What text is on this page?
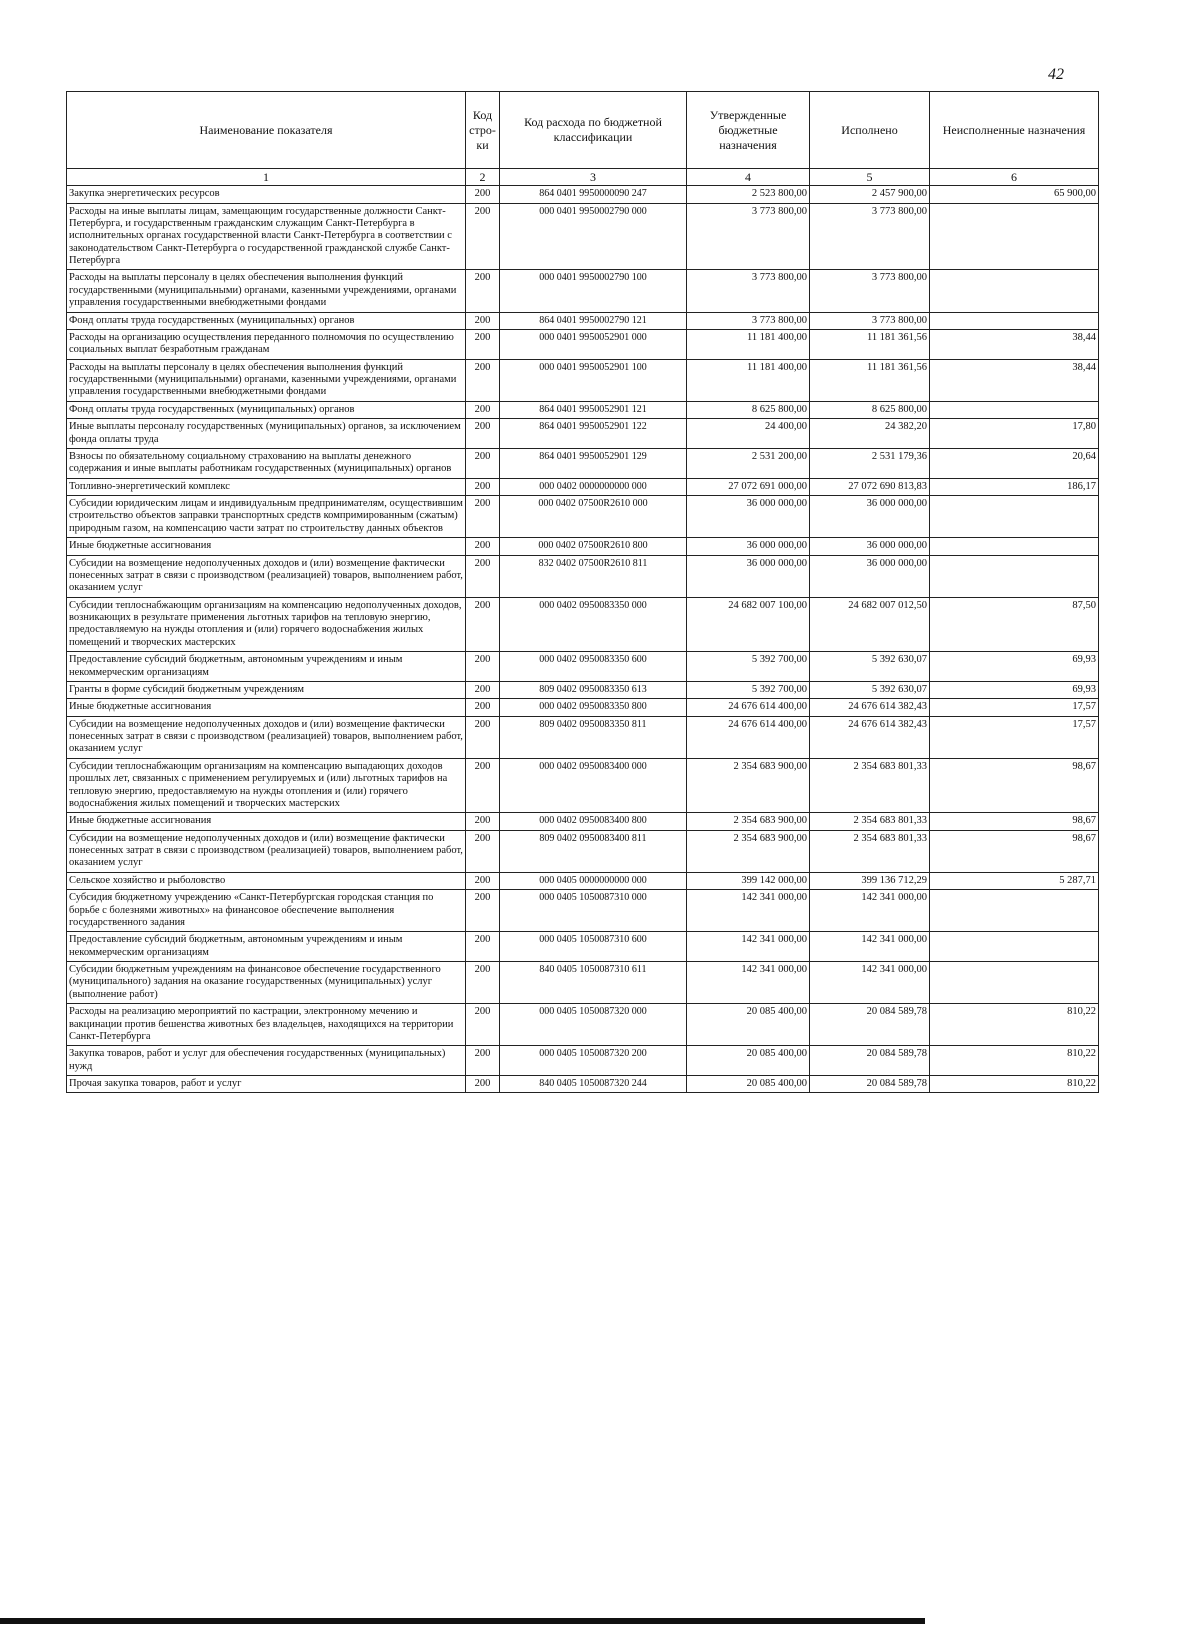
42
Наименование показателя	Код стро- ки	Код расхода по бюджетной классификации	Утвержденные бюджетные назначения	Исполнено	Неисполненные назначения
1	2	3	4	5	6
Закупка энергетических ресурсов	200	864 0401 9950000090 247	2 523 800,00	2 457 900,00	65 900,00
Расходы на иные выплаты лицам, замещающим государственные должности Санкт-Петербурга, и государственным гражданским служащим Санкт-Петербурга в исполнительных органах государственной власти Санкт-Петербурга в соответствии с законодательством Санкт-Петербурга о государственной гражданской службе Санкт-Петербурга	200	000 0401 9950002790 000	3 773 800,00	3 773 800,00	
Расходы на выплаты персоналу в целях обеспечения выполнения функций государственными (муниципальными) органами, казенными учреждениями, органами управления государственными внебюджетными фондами	200	000 0401 9950002790 100	3 773 800,00	3 773 800,00	
Фонд оплаты труда государственных (муниципальных) органов	200	864 0401 9950002790 121	3 773 800,00	3 773 800,00	
Расходы на организацию осуществления переданного полномочия по осуществлению социальных выплат безработным гражданам	200	000 0401 9950052901 000	11 181 400,00	11 181 361,56	38,44
Расходы на выплаты персоналу в целях обеспечения выполнения функций государственными (муниципальными) органами, казенными учреждениями, органами управления государственными внебюджетными фондами	200	000 0401 9950052901 100	11 181 400,00	11 181 361,56	38,44
Фонд оплаты труда государственных (муниципальных) органов	200	864 0401 9950052901 121	8 625 800,00	8 625 800,00	
Иные выплаты персоналу государственных (муниципальных) органов, за исключением фонда оплаты труда	200	864 0401 9950052901 122	24 400,00	24 382,20	17,80
Взносы по обязательному социальному страхованию на выплаты денежного содержания и иные выплаты работникам государственных (муниципальных) органов	200	864 0401 9950052901 129	2 531 200,00	2 531 179,36	20,64
Топливно-энергетический комплекс	200	000 0402 0000000000 000	27 072 691 000,00	27 072 690 813,83	186,17
Субсидии юридическим лицам и индивидуальным предпринимателям, осуществившим строительство объектов заправки транспортных средств компримированным (сжатым) природным газом, на компенсацию части затрат по строительству данных объектов	200	000 0402 07500R2610 000	36 000 000,00	36 000 000,00	
Иные бюджетные ассигнования	200	000 0402 07500R2610 800	36 000 000,00	36 000 000,00	
Субсидии на возмещение недополученных доходов и (или) возмещение фактически понесенных затрат в связи с производством (реализацией) товаров, выполнением работ, оказанием услуг	200	832 0402 07500R2610 811	36 000 000,00	36 000 000,00	
Субсидии теплоснабжающим организациям на компенсацию недополученных доходов, возникающих в результате применения льготных тарифов на тепловую энергию, предоставляемую на нужды отопления и (или) горячего водоснабжения жилых помещений и творческих мастерских	200	000 0402 0950083350 000	24 682 007 100,00	24 682 007 012,50	87,50
Предоставление субсидий бюджетным, автономным учреждениям и иным некоммерческим организациям	200	000 0402 0950083350 600	5 392 700,00	5 392 630,07	69,93
Гранты в форме субсидий бюджетным учреждениям	200	809 0402 0950083350 613	5 392 700,00	5 392 630,07	69,93
Иные бюджетные ассигнования	200	000 0402 0950083350 800	24 676 614 400,00	24 676 614 382,43	17,57
Субсидии на возмещение недополученных доходов и (или) возмещение фактически понесенных затрат в связи с производством (реализацией) товаров, выполнением работ, оказанием услуг	200	809 0402 0950083350 811	24 676 614 400,00	24 676 614 382,43	17,57
Субсидии теплоснабжающим организациям на компенсацию выпадающих доходов прошлых лет, связанных с применением регулируемых и (или) льготных тарифов на тепловую энергию, предоставляемую на нужды отопления и (или) горячего водоснабжения жилых помещений и творческих мастерских	200	000 0402 0950083400 000	2 354 683 900,00	2 354 683 801,33	98,67
Иные бюджетные ассигнования	200	000 0402 0950083400 800	2 354 683 900,00	2 354 683 801,33	98,67
Субсидии на возмещение недополученных доходов и (или) возмещение фактически понесенных затрат в связи с производством (реализацией) товаров, выполнением работ, оказанием услуг	200	809 0402 0950083400 811	2 354 683 900,00	2 354 683 801,33	98,67
Сельское хозяйство и рыболовство	200	000 0405 0000000000 000	399 142 000,00	399 136 712,29	5 287,71
Субсидия бюджетному учреждению «Санкт-Петербургская городская станция по борьбе с болезнями животных» на финансовое обеспечение выполнения государственного задания	200	000 0405 1050087310 000	142 341 000,00	142 341 000,00	
Предоставление субсидий бюджетным, автономным учреждениям и иным некоммерческим организациям	200	000 0405 1050087310 600	142 341 000,00	142 341 000,00	
Субсидии бюджетным учреждениям на финансовое обеспечение государственного (муниципального) задания на оказание государственных (муниципальных) услуг (выполнение работ)	200	840 0405 1050087310 611	142 341 000,00	142 341 000,00	
Расходы на реализацию мероприятий по кастрации, электронному мечению и вакцинации против бешенства животных без владельцев, находящихся на территории Санкт-Петербурга	200	000 0405 1050087320 000	20 085 400,00	20 084 589,78	810,22
Закупка товаров, работ и услуг для обеспечения государственных (муниципальных) нужд	200	000 0405 1050087320 200	20 085 400,00	20 084 589,78	810,22
Прочая закупка товаров, работ и услуг	200	840 0405 1050087320 244	20 085 400,00	20 084 589,78	810,22
